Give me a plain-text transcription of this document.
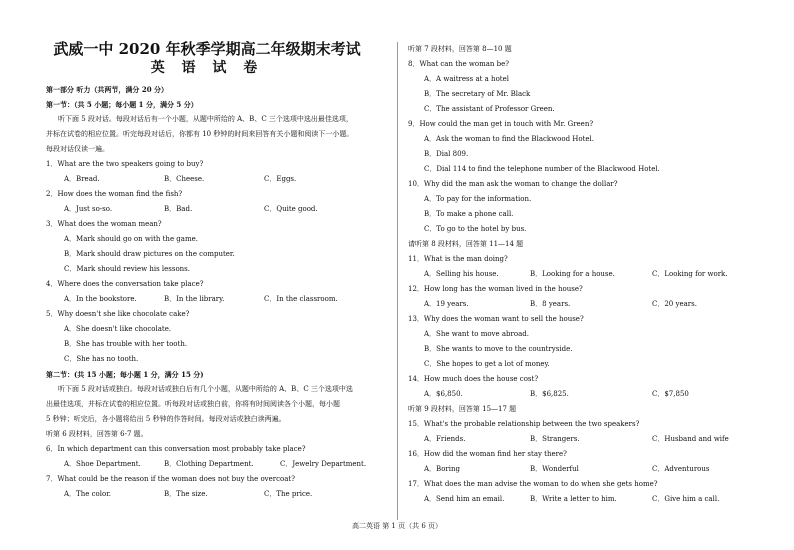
武威一中 2020 年秋季学期高二年级期末考试
英 语 试 卷
第一部分 听力（共两节，满分 20 分）
第一节：（共 5 小题；每小题 1 分，满分 5 分）
听下面 5 段对话。每段对话后有一个小题，从题中所给的 A、B、C 三个选项中选出最佳选项，
并标在试卷的相应位置。听完每段对话后，你都有 10 秒钟的时间来回答有关小题和阅读下一小题。
每段对话仅读一遍。
1．What are the two speakers going to buy?
A．Bread.	B．Cheese.	C．Eggs.
2．How does the woman find the fish?
A．Just so-so.	B．Bad.	C．Quite good.
3．What does the woman mean?
A．Mark should go on with the game.
B．Mark should draw pictures on the computer.
C．Mark should review his lessons.
4．Where does the conversation take place?
A．In the bookstore.	B．In the library.	C．In the classroom.
5．Why doesn't she like chocolate cake?
A．She doesn't like chocolate.
B．She has trouble with her tooth.
C．She has no tooth.
第二节：(共 15 小题；每小题 1 分，满分 15 分)
听下面 5 段对话或独白。每段对话或独白后有几个小题，从题中所给的 A、B、C 三个选项中选
出最佳选项，并标在试卷的相应位置。听每段对话或独白前，你将有时间阅读各个小题，每小题
5 秒钟；听完后，各小题将给出 5 秒钟的作答时间。每段对话或独白读两遍。
听第 6 段材料，回答第 6-7 题。
6．In which department can this conversation most probably take place?
A．Shoe Department.	B．Clothing Department.	C．Jewelry Department.
7．What could be the reason if the woman does not buy the overcoat?
A．The color.	B．The size.	C．The price.
听第 7 段材料，回答第 8—10 题
8．What can the woman be?
A．A waitress at a hotel
B．The secretary of Mr. Black
C．The assistant of Professor Green.
9．How could the man get in touch with Mr. Green?
A．Ask the woman to find the Blackwood Hotel.
B．Dial 809.
C．Dial 114 to find the telephone number of the Blackwood Hotel.
10．Why did the man ask the woman to change the dollar?
A．To pay for the information.
B．To make a phone call.
C．To go to the hotel by bus.
请听第 8 段材料，回答第 11—14 题
11．What is the man doing?
A．Selling his house.	B．Looking for a house.	C．Looking for work.
12．How long has the woman lived in the house?
A．19 years.	B．8 years.	C．20 years.
13．Why does the woman want to sell the house?
A．She want to move abroad.
B．She wants to move to the countryside.
C．She hopes to get a lot of money.
14．How much does the house cost?
A．$6,850.	B．$6,825.	C．$7,850
听第 9 段材料，回答第 15—17 题
15．What's the probable relationship between the two speakers?
A．Friends.	B．Strangers.	C．Husband and wife
16．How did the woman find her stay there?
A．Boring	B．Wonderful	C．Adventurous
17．What does the man advise the woman to do when she gets home?
A．Send him an email.	B．Write a letter to him.	C．Give him a call.
高二英语 第 1 页（共 6 页）
